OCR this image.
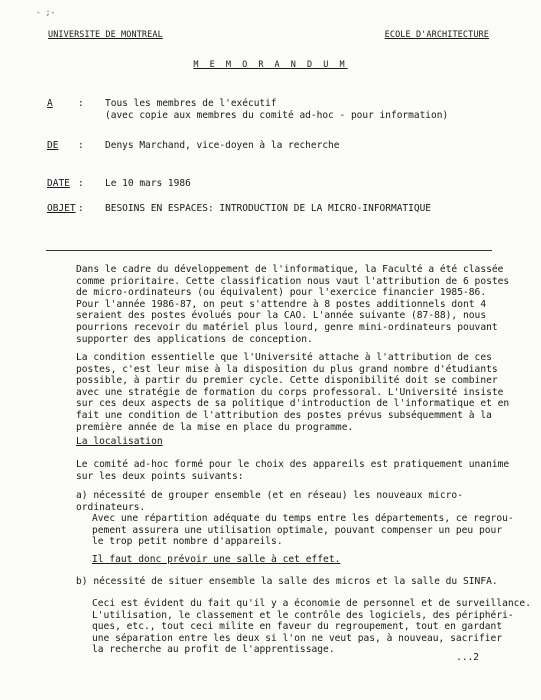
- ;-
UNIVERSITE DE MONTREAL	ECOLE D'ARCHITECTURE
M E M O R A N D U M
A	: Tous les membres de l'exécutif
(avec copie aux membres du comité ad-hoc - pour information)
DE : Denys Marchand, vice-doyen à la recherche
DATE : Le 10 mars 1986
OBJET : BESOINS EN ESPACES: INTRODUCTION DE LA MICRO-INFORMATIQUE
Dans le cadre du développement de l'informatique, la Faculté a été classée
comme prioritaire. Cette classification nous vaut l'attribution de 6 postes
de micro-ordinateurs (ou équivalent) pour l'exercice financier 1985-86.
Pour l'année 1986-87, on peut s'attendre à 8 postes additionnels dont 4
seraient des postes évolués pour la CAO. L'année suivante (87-88), nous
pourrions recevoir du matériel plus lourd, genre mini-ordinateurs pouvant
supporter des applications de conception.
La condition essentielle que l'Université attache à l'attribution de ces
postes, c'est leur mise à la disposition du plus grand nombre d'étudiants
possible, à partir du premier cycle. Cette disponibilité doit se combiner
avec une stratégie de formation du corps professoral. L'Université insiste
sur ces deux aspects de sa politique d'introduction de l'informatique et en
fait une condition de l'attribution des postes prévus subséquemment à la
première année de la mise en place du programme.
La localisation
Le comité ad-hoc formé pour le choix des appareils est pratiquement unanime
sur les deux points suivants:
a) nécessité de grouper ensemble (et en réseau) les nouveaux micro-ordinateurs.
Avec une répartition adéquate du temps entre les départements, ce regrou-
pement assurera une utilisation optimale, pouvant compenser un peu pour
le trop petit nombre d'appareils.
Il faut donc prévoir une salle à cet effet.
b) nécessité de situer ensemble la salle des micros et la salle du SINFA.
Ceci est évident du fait qu'il y a économie de personnel et de surveillance.
L'utilisation, le classement et le contrôle des logiciels, des périphéri-
ques, etc., tout ceci milite en faveur du regroupement, tout en gardant
une séparation entre les deux si l'on ne veut pas, à nouveau, sacrifier
la recherche au profit de l'apprentissage.
...2
